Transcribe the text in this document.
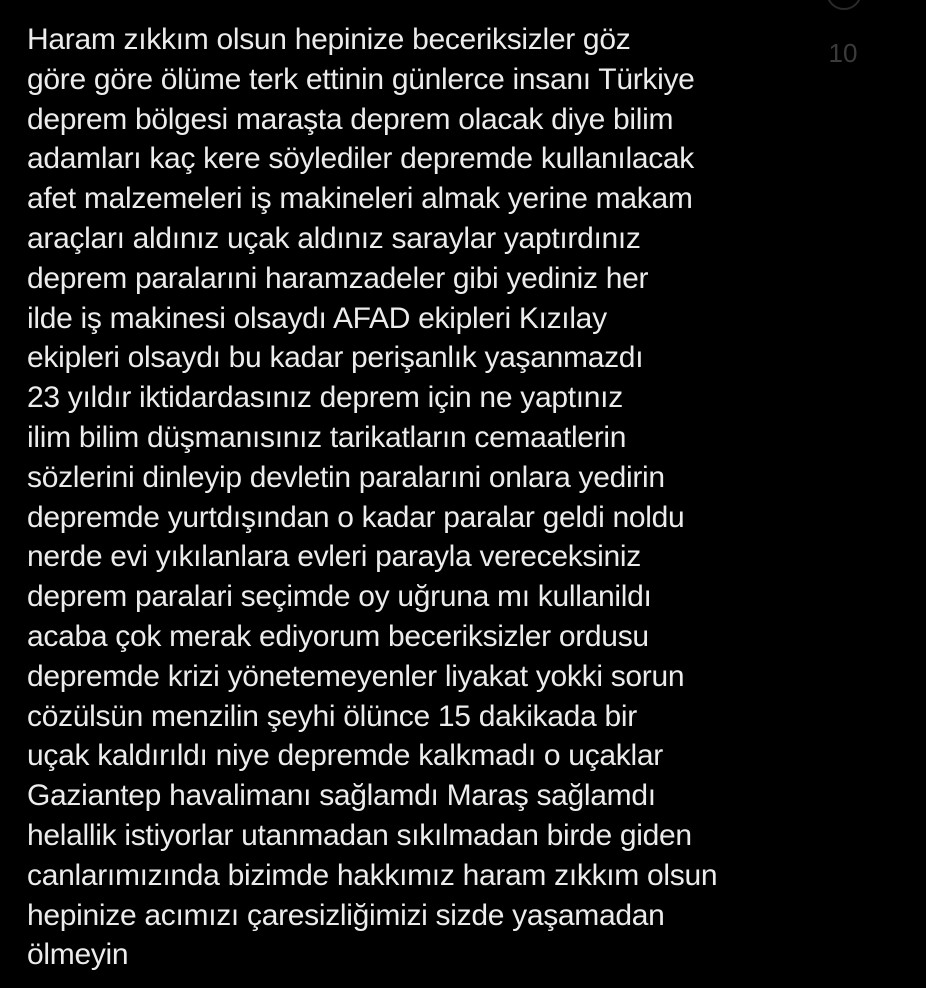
Haram zıkkım olsun hepinize beceriksizler göz
göre göre ölüme terk ettinin günlerce insanı Türkiye
deprem bölgesi maraşta deprem olacak diye bilim
adamları kaç kere söylediler depremde kullanılacak
afet malzemeleri iş makineleri almak yerine makam
araçları aldınız uçak aldınız saraylar yaptırdınız
deprem paralarıni haramzadeler gibi yediniz her
ilde iş makinesi olsaydı AFAD ekipleri Kızılay
ekipleri olsaydı bu kadar perişanlık yaşanmazdı
23 yıldır iktidardasınız deprem için ne yaptınız
ilim bilim düşmanısınız tarikatların cemaatlerin
sözlerini dinleyip devletin paralarıni onlara yedirin
depremde yurtdışından o kadar paralar geldi noldu
nerde evi yıkılanlara evleri parayla vereceksiniz
deprem paralari seçimde oy uğruna mı kullanildı
acaba çok merak ediyorum beceriksizler ordusu
depremde krizi yönetemeyenler liyakat yokki sorun
cözülsün menzilin şeyhi ölünce 15 dakikada bir
uçak kaldırıldı niye depremde kalkmadı o uçaklar
Gaziantep havalimanı sağlamdı Maraş sağlamdı
helallik istiyorlar utanmadan sıkılmadan birde giden
canlarımızında bizimde hakkımız haram zıkkım olsun
hepinize acımızı çaresizliğimizi sizde yaşamadan
ölmeyin
10
